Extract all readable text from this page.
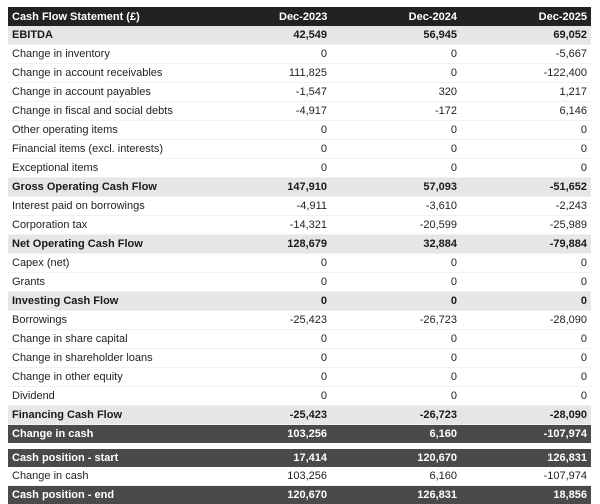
Cash Flow Statement (£)	Dec-2023	Dec-2024	Dec-2025
EBITDA	42,549	56,945	69,052
Change in inventory	0	0	-5,667
Change in account receivables	111,825	0	-122,400
Change in account payables	-1,547	320	1,217
Change in fiscal and social debts	-4,917	-172	6,146
Other operating items	0	0	0
Financial items (excl. interests)	0	0	0
Exceptional items	0	0	0
Gross Operating Cash Flow	147,910	57,093	-51,652
Interest paid on borrowings	-4,911	-3,610	-2,243
Corporation tax	-14,321	-20,599	-25,989
Net Operating Cash Flow	128,679	32,884	-79,884
Capex (net)	0	0	0
Grants	0	0	0
Investing Cash Flow	0	0	0
Borrowings	-25,423	-26,723	-28,090
Change in share capital	0	0	0
Change in shareholder loans	0	0	0
Change in other equity	0	0	0
Dividend	0	0	0
Financing Cash Flow	-25,423	-26,723	-28,090
Change in cash	103,256	6,160	-107,974

Cash position - start	17,414	120,670	126,831
Change in cash	103,256	6,160	-107,974
Cash position - end	120,670	126,831	18,856
